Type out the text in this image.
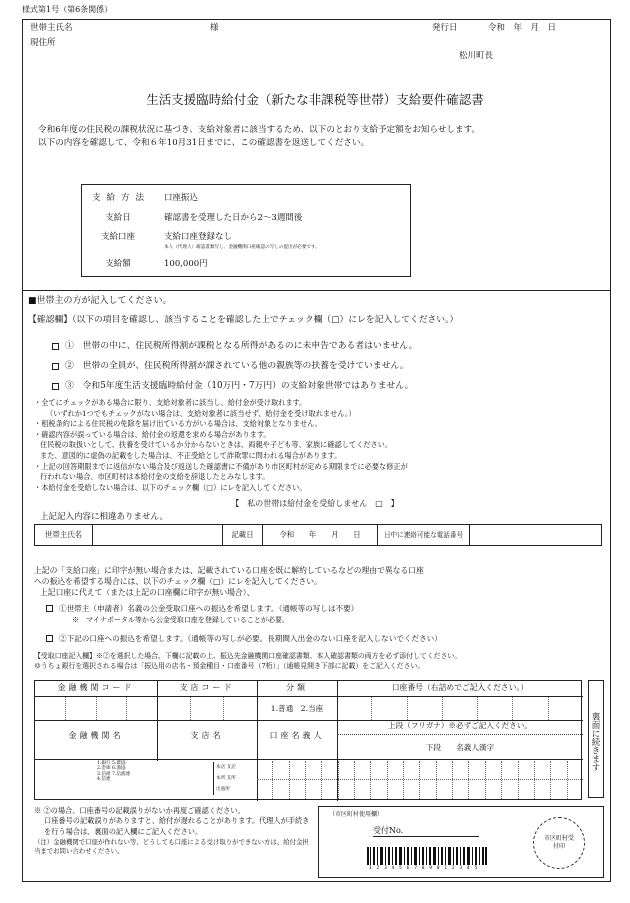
様式第1号（第6条関係）
世帯主氏名	様	発行日	令和　年　月　日
現住所
松川町長
生活支援臨時給付金（新たな非課税等世帯）支給要件確認書
令和6年度の住民税の課税状況に基づき、支給対象者に該当するため、以下のとおり支給予定額をお知らせします。
以下の内容を確認して、令和６年10月31日までに、この確認書を返送してください。
支給方法 口座振込
支給日	確認書を受理した日から2～3週間後
支給口座	支給口座登録なし
本人（代理人）確認書類写し、金融機関口座確認の写しの提出が必要です。
支給額	100,000円
■世帯主の方が記入してください。
【確認欄】（以下の項目を確認し、該当することを確認した上でチェック欄（□）にレを記入してください。）
①　世帯の中に、住民税所得割が課税となる所得があるのに未申告である者はいません。
②　世帯の全員が、住民税所得割が課されている他の親族等の扶養を受けていません。
③　令和5年度生活支援臨時給付金（10万円・7万円）の支給対象世帯ではありません。
・全てにチェックがある場合に限り、支給対象者に該当し、給付金が受け取れます。
（いずれか1つでもチェックがない場合は、支給対象者に該当せず、給付金を受け取れません。）
・租税条約による住民税の免除を届け出ている方がいる場合は、支給対象となりません。
・確認内容が誤っている場合は、給付金の返還を求める場合があります。
住民税の取扱いとして、扶養を受けているか分からないときは、両親や子ども等、家族に確認してください。
また、意図的に虚偽の記載をした場合は、不正受給として詐欺罪に問われる場合があります。
・上記の回答期限までに返信がない場合及び返送した確認書に不備があり市区町村が定める期限までに必要な修正が
行われない場合、市区町村は本給付金の支給を辞退したとみなします。
・本給付金を受給しない場合は、以下のチェック欄（□）にレを記入してください。
【　私の世帯は給付金を受給しません　□　】
上記記入内容に相違ありません。
世帯主氏名		記載日	令和　　年　　月　　日	日中に連絡可能な電話番号	
上記の「支給口座」に印字が無い場合または、記載されている口座を既に解約しているなどの理由で異なる口座
への振込を希望する場合には、以下のチェック欄（□）にレを記入してください。
上記口座に代えて（または上記の口座欄に印字が無い場合）、
①世帯主（申請者）名義の公金受取口座への振込を希望します。（通帳等の写しは不要）
※　マイナポータル等から公金受取口座を登録していることが必要。
②下記の口座への振込を希望します。（通帳等の写しが必要。長期間入出金のない口座を記入しないでください）
【受取口座記入欄】※②を選択した場合、下欄に記載の上、振込先金融機関口座確認書類、本人確認書類の両方を必ず添付してください。
ゆうちょ銀行を選択される場合は「振込用の店名・預金種目・口座番号（7桁）」（通帳見開き下部に記載）をご記入ください。
金融機関コード	支店コード	分類	口座番号（右詰めでご記入ください。）
1.普通　2.当座
金融機関名	支店名	口座名義人
上段（フリガナ）※必ずご記入ください。
下段　　名義人漢字
1.銀行 5.農協
2.金庫 6.漁協
3.信組 7.信漁連
4.信連
本店 支店
本所 支所
出張所
裏面に続きます
※ ②の場合、口座番号の記載誤りがないか再度ご確認ください。
口座番号の記載誤りがありますと、給付が遅れることがあります。代理人が手続きを行う場合は、裏面の記入欄にご記入ください。
（注）金融機関で口座が作れない等、どうしても口座による受け取りができない方は、給付金担当までお問い合わせください。
（市区町村使用欄）
受付No.
市区町村受付印
1 2 3 4 5 6 7 8 9 0 1 2 3 4 5
